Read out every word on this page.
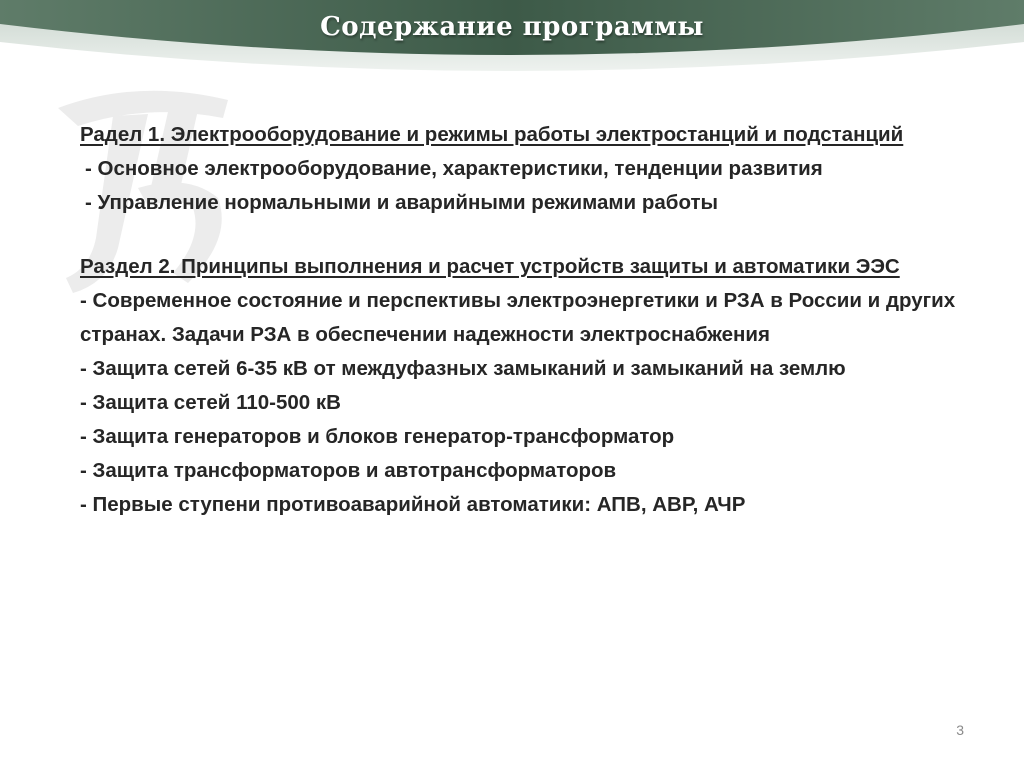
Содержание программы
Радел 1. Электрооборудование и режимы работы электростанций и подстанций
- Основное электрооборудование, характеристики, тенденции развития
- Управление нормальными и аварийными режимами работы
Раздел 2. Принципы выполнения и расчет устройств защиты и автоматики ЭЭС
- Современное состояние и перспективы электроэнергетики и РЗА в России и других странах. Задачи РЗА в обеспечении надежности электроснабжения
- Защита сетей 6-35 кВ от междуфазных замыканий и замыканий на землю
- Защита сетей 110-500 кВ
- Защита генераторов и блоков генератор-трансформатор
- Защита трансформаторов и автотрансформаторов
- Первые ступени противоаварийной автоматики: АПВ, АВР, АЧР
3
